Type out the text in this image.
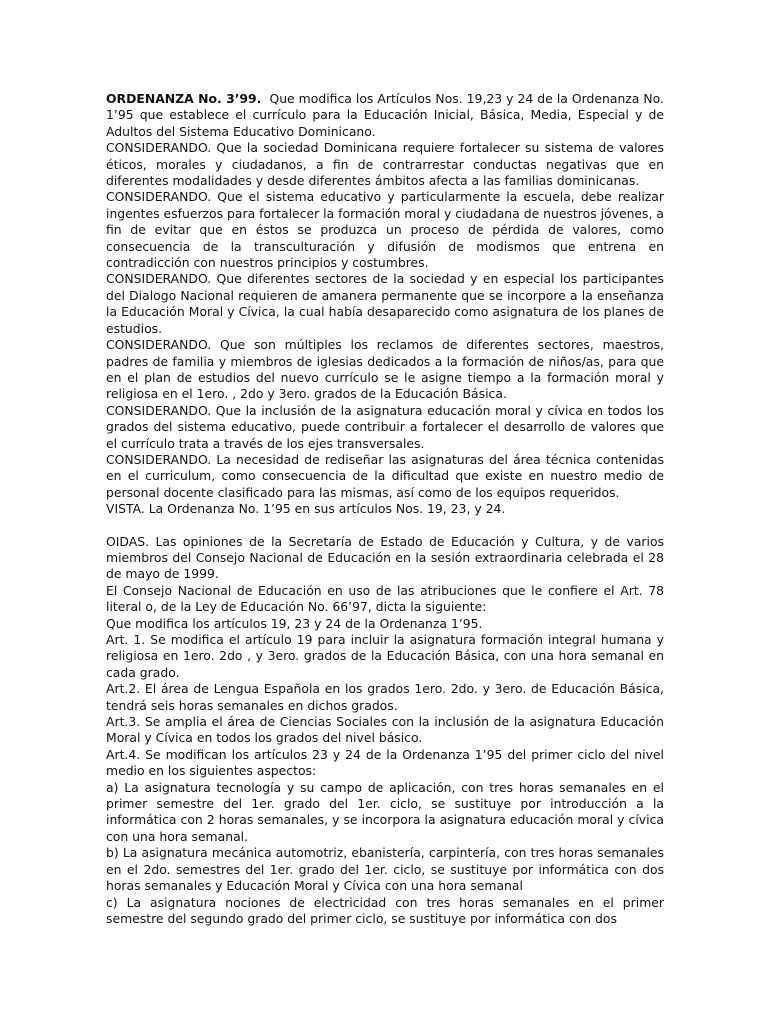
ORDENANZA No. 3’99. Que modifica los Artículos Nos. 19,23 y 24 de la Ordenanza No. 1’95 que establece el currículo para la Educación Inicial, Básica, Media, Especial y de Adultos del Sistema Educativo Dominicano.

CONSIDERANDO. Que la sociedad Dominicana requiere fortalecer su sistema de valores éticos, morales y ciudadanos, a fin de contrarrestar conductas negativas que en diferentes modalidades y desde diferentes ámbitos afecta a las familias dominicanas.

CONSIDERANDO. Que el sistema educativo y particularmente la escuela, debe realizar ingentes esfuerzos para fortalecer la formación moral y ciudadana de nuestros jóvenes, a fin de evitar que en éstos se produzca un proceso de pérdida de valores, como consecuencia de la transculturación y difusión de modismos que entrena en contradicción con nuestros principios y costumbres.

CONSIDERANDO. Que diferentes sectores de la sociedad y en especial los participantes del Dialogo Nacional requieren de amanera permanente que se incorpore a la enseñanza la Educación Moral y Cívica, la cual había desaparecido como asignatura de los planes de estudios.

CONSIDERANDO. Que son múltiples los reclamos de diferentes sectores, maestros, padres de familia y miembros de iglesias dedicados a la formación de niños/as, para que en el plan de estudios del nuevo currículo se le asigne tiempo a la formación moral y religiosa en el 1ero. , 2do y 3ero. grados de la Educación Básica.

CONSIDERANDO. Que la inclusión de la asignatura educación moral y cívica en todos los grados del sistema educativo, puede contribuir a fortalecer el desarrollo de valores que el currículo trata a través de los ejes transversales.

CONSIDERANDO. La necesidad de rediseñar las asignaturas del área técnica contenidas en el curriculum, como consecuencia de la dificultad que existe en nuestro medio de personal docente clasificado para las mismas, así como de los equipos requeridos.

VISTA. La Ordenanza No. 1’95 en sus artículos Nos. 19, 23, y 24.

OIDAS. Las opiniones de la Secretaría de Estado de Educación y Cultura, y de varios miembros del Consejo Nacional de Educación en la sesión extraordinaria celebrada el 28 de mayo de 1999.

El Consejo Nacional de Educación en uso de las atribuciones que le confiere el Art. 78 literal o, de la Ley de Educación No. 66’97, dicta la siguiente:

Que modifica los artículos 19, 23 y 24 de la Ordenanza 1’95.

Art. 1. Se modifica el artículo 19 para incluir la asignatura formación integral humana y religiosa en 1ero. 2do , y 3ero. grados de la Educación Básica, con una hora semanal en cada grado.

Art.2. El área de Lengua Española en los grados 1ero. 2do. y 3ero. de Educación Básica, tendrá seis horas semanales en dichos grados.

Art.3. Se amplia el área de Ciencias Sociales con la inclusión de la asignatura Educación Moral y Cívica en todos los grados del nivel básico.

Art.4. Se modifican los artículos 23 y 24 de la Ordenanza 1’95 del primer ciclo del nivel medio en los siguientes aspectos:

a) La asignatura tecnología y su campo de aplicación, con tres horas semanales en el primer semestre del 1er. grado del 1er. ciclo, se sustituye por introducción a la informática con 2 horas semanales, y se incorpora la asignatura educación moral y cívica con una hora semanal.

b) La asignatura mecánica automotriz, ebanistería, carpintería, con tres horas semanales en el 2do. semestres del 1er. grado del 1er. ciclo, se sustituye por informática con dos horas semanales y Educación Moral y Cívica con una hora semanal

c) La asignatura nociones de electricidad con tres horas semanales en el primer semestre del segundo grado del primer ciclo, se sustituye por informática con dos
